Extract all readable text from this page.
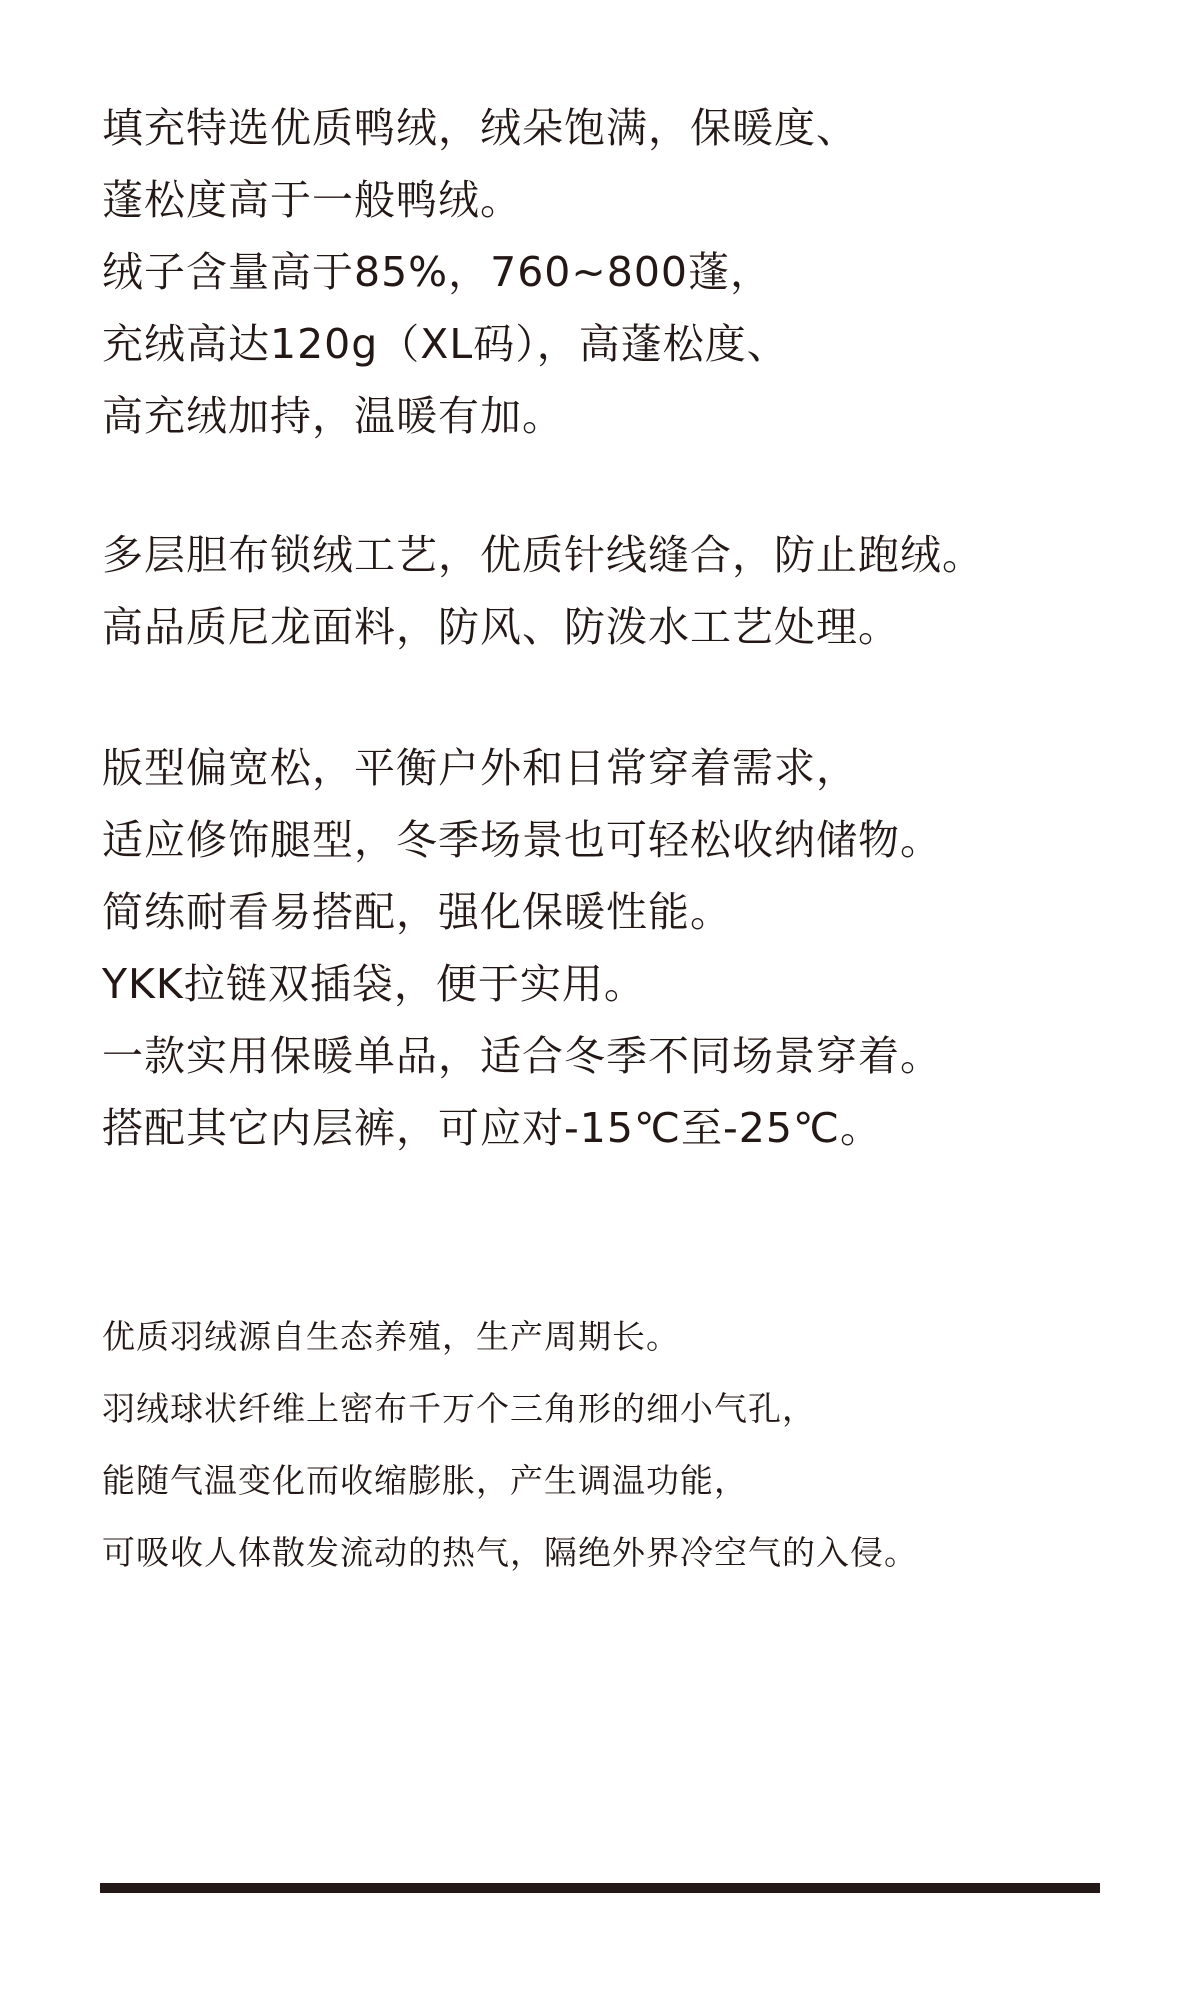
填充特选优质鸭绒，绒朵饱满，保暖度、
蓬松度高于一般鸭绒。
绒子含量高于85%，760~800蓬，
充绒高达120g（XL码），高蓬松度、
高充绒加持，温暖有加。
多层胆布锁绒工艺，优质针线缝合，防止跑绒。
高品质尼龙面料，防风、防泼水工艺处理。
版型偏宽松，平衡户外和日常穿着需求，
适应修饰腿型，冬季场景也可轻松收纳储物。
简练耐看易搭配，强化保暖性能。
YKK拉链双插袋，便于实用。
一款实用保暖单品，适合冬季不同场景穿着。
搭配其它内层裤，可应对-15℃至-25℃。
优质羽绒源自生态养殖，生产周期长。
羽绒球状纤维上密布千万个三角形的细小气孔，
能随气温变化而收缩膨胀，产生调温功能，
可吸收人体散发流动的热气，隔绝外界冷空气的入侵。
